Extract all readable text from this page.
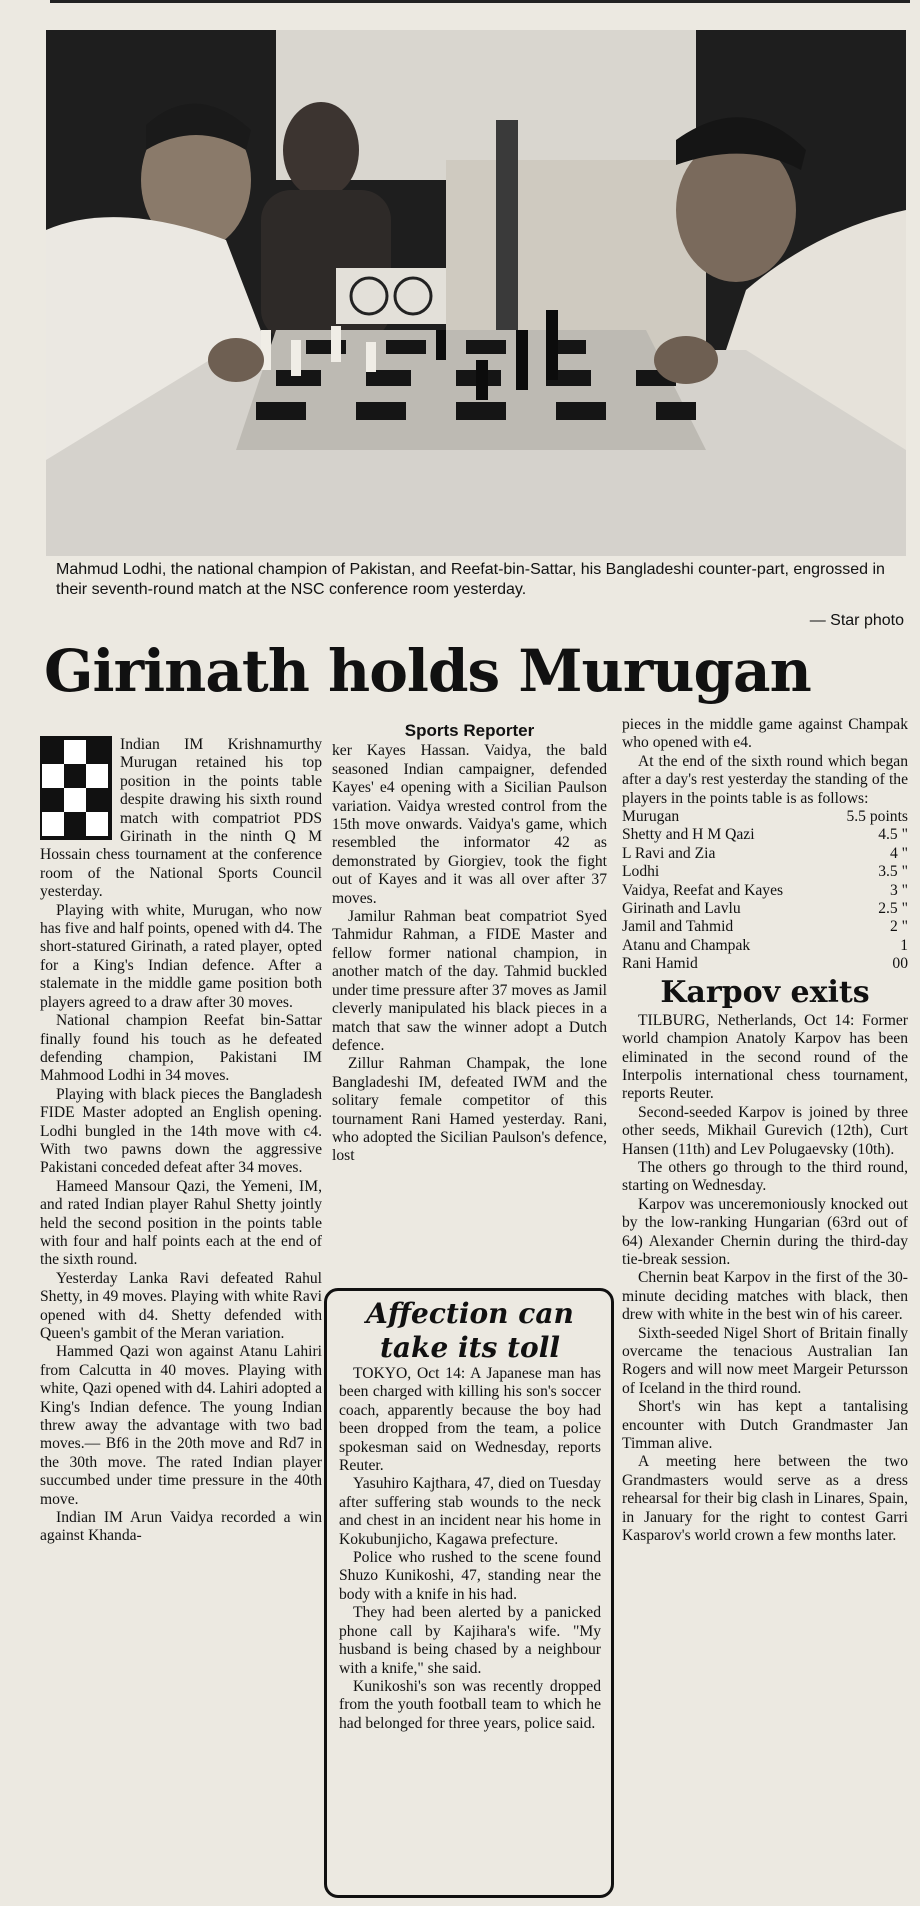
Mahmud Lodhi, the national champion of Pakistan, and Reefat-bin-Sattar, his Bangladeshi counter-part, engrossed in their seventh-round match at the NSC conference room yesterday.
— Star photo
Girinath holds Murugan

Indian IM Krishnamurthy Murugan retained his top position in the points table despite drawing his sixth round match with compatriot PDS Girinath in the ninth Q M Hossain chess tournament at the conference room of the National Sports Council yesterday.

Playing with white, Murugan, who now has five and half points, opened with d4. The short-statured Girinath, a rated player, opted for a King's Indian defence. After a stalemate in the middle game position both players agreed to a draw after 30 moves.

National champion Reefat bin-Sattar finally found his touch as he defeated defending champion, Pakistani IM Mahmood Lodhi in 34 moves.

Playing with black pieces the Bangladesh FIDE Master adopted an English opening. Lodhi bungled in the 14th move with c4. With two pawns down the aggressive Pakistani conceded defeat after 34 moves.

Hameed Mansour Qazi, the Yemeni, IM, and rated Indian player Rahul Shetty jointly held the second position in the points table with four and half points each at the end of the sixth round.

Yesterday Lanka Ravi defeated Rahul Shetty, in 49 moves. Playing with white Ravi opened with d4. Shetty defended with Queen's gambit of the Meran variation.

Hammed Qazi won against Atanu Lahiri from Calcutta in 40 moves. Playing with white, Qazi opened with d4. Lahiri adopted a King's Indian defence. The young Indian threw away the advantage with two bad moves.— Bf6 in the 20th move and Rd7 in the 30th move. The rated Indian player succumbed under time pressure in the 40th move.

Indian IM Arun Vaidya recorded a win against Khanda-

Sports Reporter

ker Kayes Hassan. Vaidya, the bald seasoned Indian campaigner, defended Kayes' e4 opening with a Sicilian Paulson variation. Vaidya wrested control from the 15th move onwards. Vaidya's game, which resembled the informator 42 as demonstrated by Giorgiev, took the fight out of Kayes and it was all over after 37 moves.

Jamilur Rahman beat compatriot Syed Tahmidur Rahman, a FIDE Master and fellow former national champion, in another match of the day. Tahmid buckled under time pressure after 37 moves as Jamil cleverly manipulated his black pieces in a match that saw the winner adopt a Dutch defence.

Zillur Rahman Champak, the lone Bangladeshi IM, defeated IWM and the solitary female competitor of this tournament Rani Hamed yesterday. Rani, who adopted the Sicilian Paulson's defence, lost

Affection can
take its toll

TOKYO, Oct 14: A Japanese man has been charged with killing his son's soccer coach, apparently because the boy had been dropped from the team, a police spokesman said on Wednesday, reports Reuter.

Yasuhiro Kajthara, 47, died on Tuesday after suffering stab wounds to the neck and chest in an incident near his home in Kokubunjicho, Kagawa prefecture.

Police who rushed to the scene found Shuzo Kunikoshi, 47, standing near the body with a knife in his had.

They had been alerted by a panicked phone call by Kajihara's wife. "My husband is being chased by a neighbour with a knife," she said.

Kunikoshi's son was recently dropped from the youth football team to which he had belonged for three years, police said.

pieces in the middle game against Champak who opened with e4.

At the end of the sixth round which began after a day's rest yesterday the standing of the players in the points table is as follows:

Murugan	5.5 points
Shetty and H M Qazi	4.5 "
L Ravi and Zia	4 "
Lodhi	3.5 "
Vaidya, Reefat and Kayes	3 "
Girinath and Lavlu	2.5 "
Jamil and Tahmid	2 "
Atanu and Champak	1
Rani Hamid	00
Karpov exits

TILBURG, Netherlands, Oct 14: Former world champion Anatoly Karpov has been eliminated in the second round of the Interpolis international chess tournament, reports Reuter.

Second-seeded Karpov is joined by three other seeds, Mikhail Gurevich (12th), Curt Hansen (11th) and Lev Polugaevsky (10th).

The others go through to the third round, starting on Wednesday.

Karpov was unceremoniously knocked out by the low-ranking Hungarian (63rd out of 64) Alexander Chernin during the third-day tie-break session.

Chernin beat Karpov in the first of the 30-minute deciding matches with black, then drew with white in the best win of his career.

Sixth-seeded Nigel Short of Britain finally overcame the tenacious Australian Ian Rogers and will now meet Margeir Petursson of Iceland in the third round.

Short's win has kept a tantalising encounter with Dutch Grandmaster Jan Timman alive.

A meeting here between the two Grandmasters would serve as a dress rehearsal for their big clash in Linares, Spain, in January for the right to contest Garri Kasparov's world crown a few months later.
